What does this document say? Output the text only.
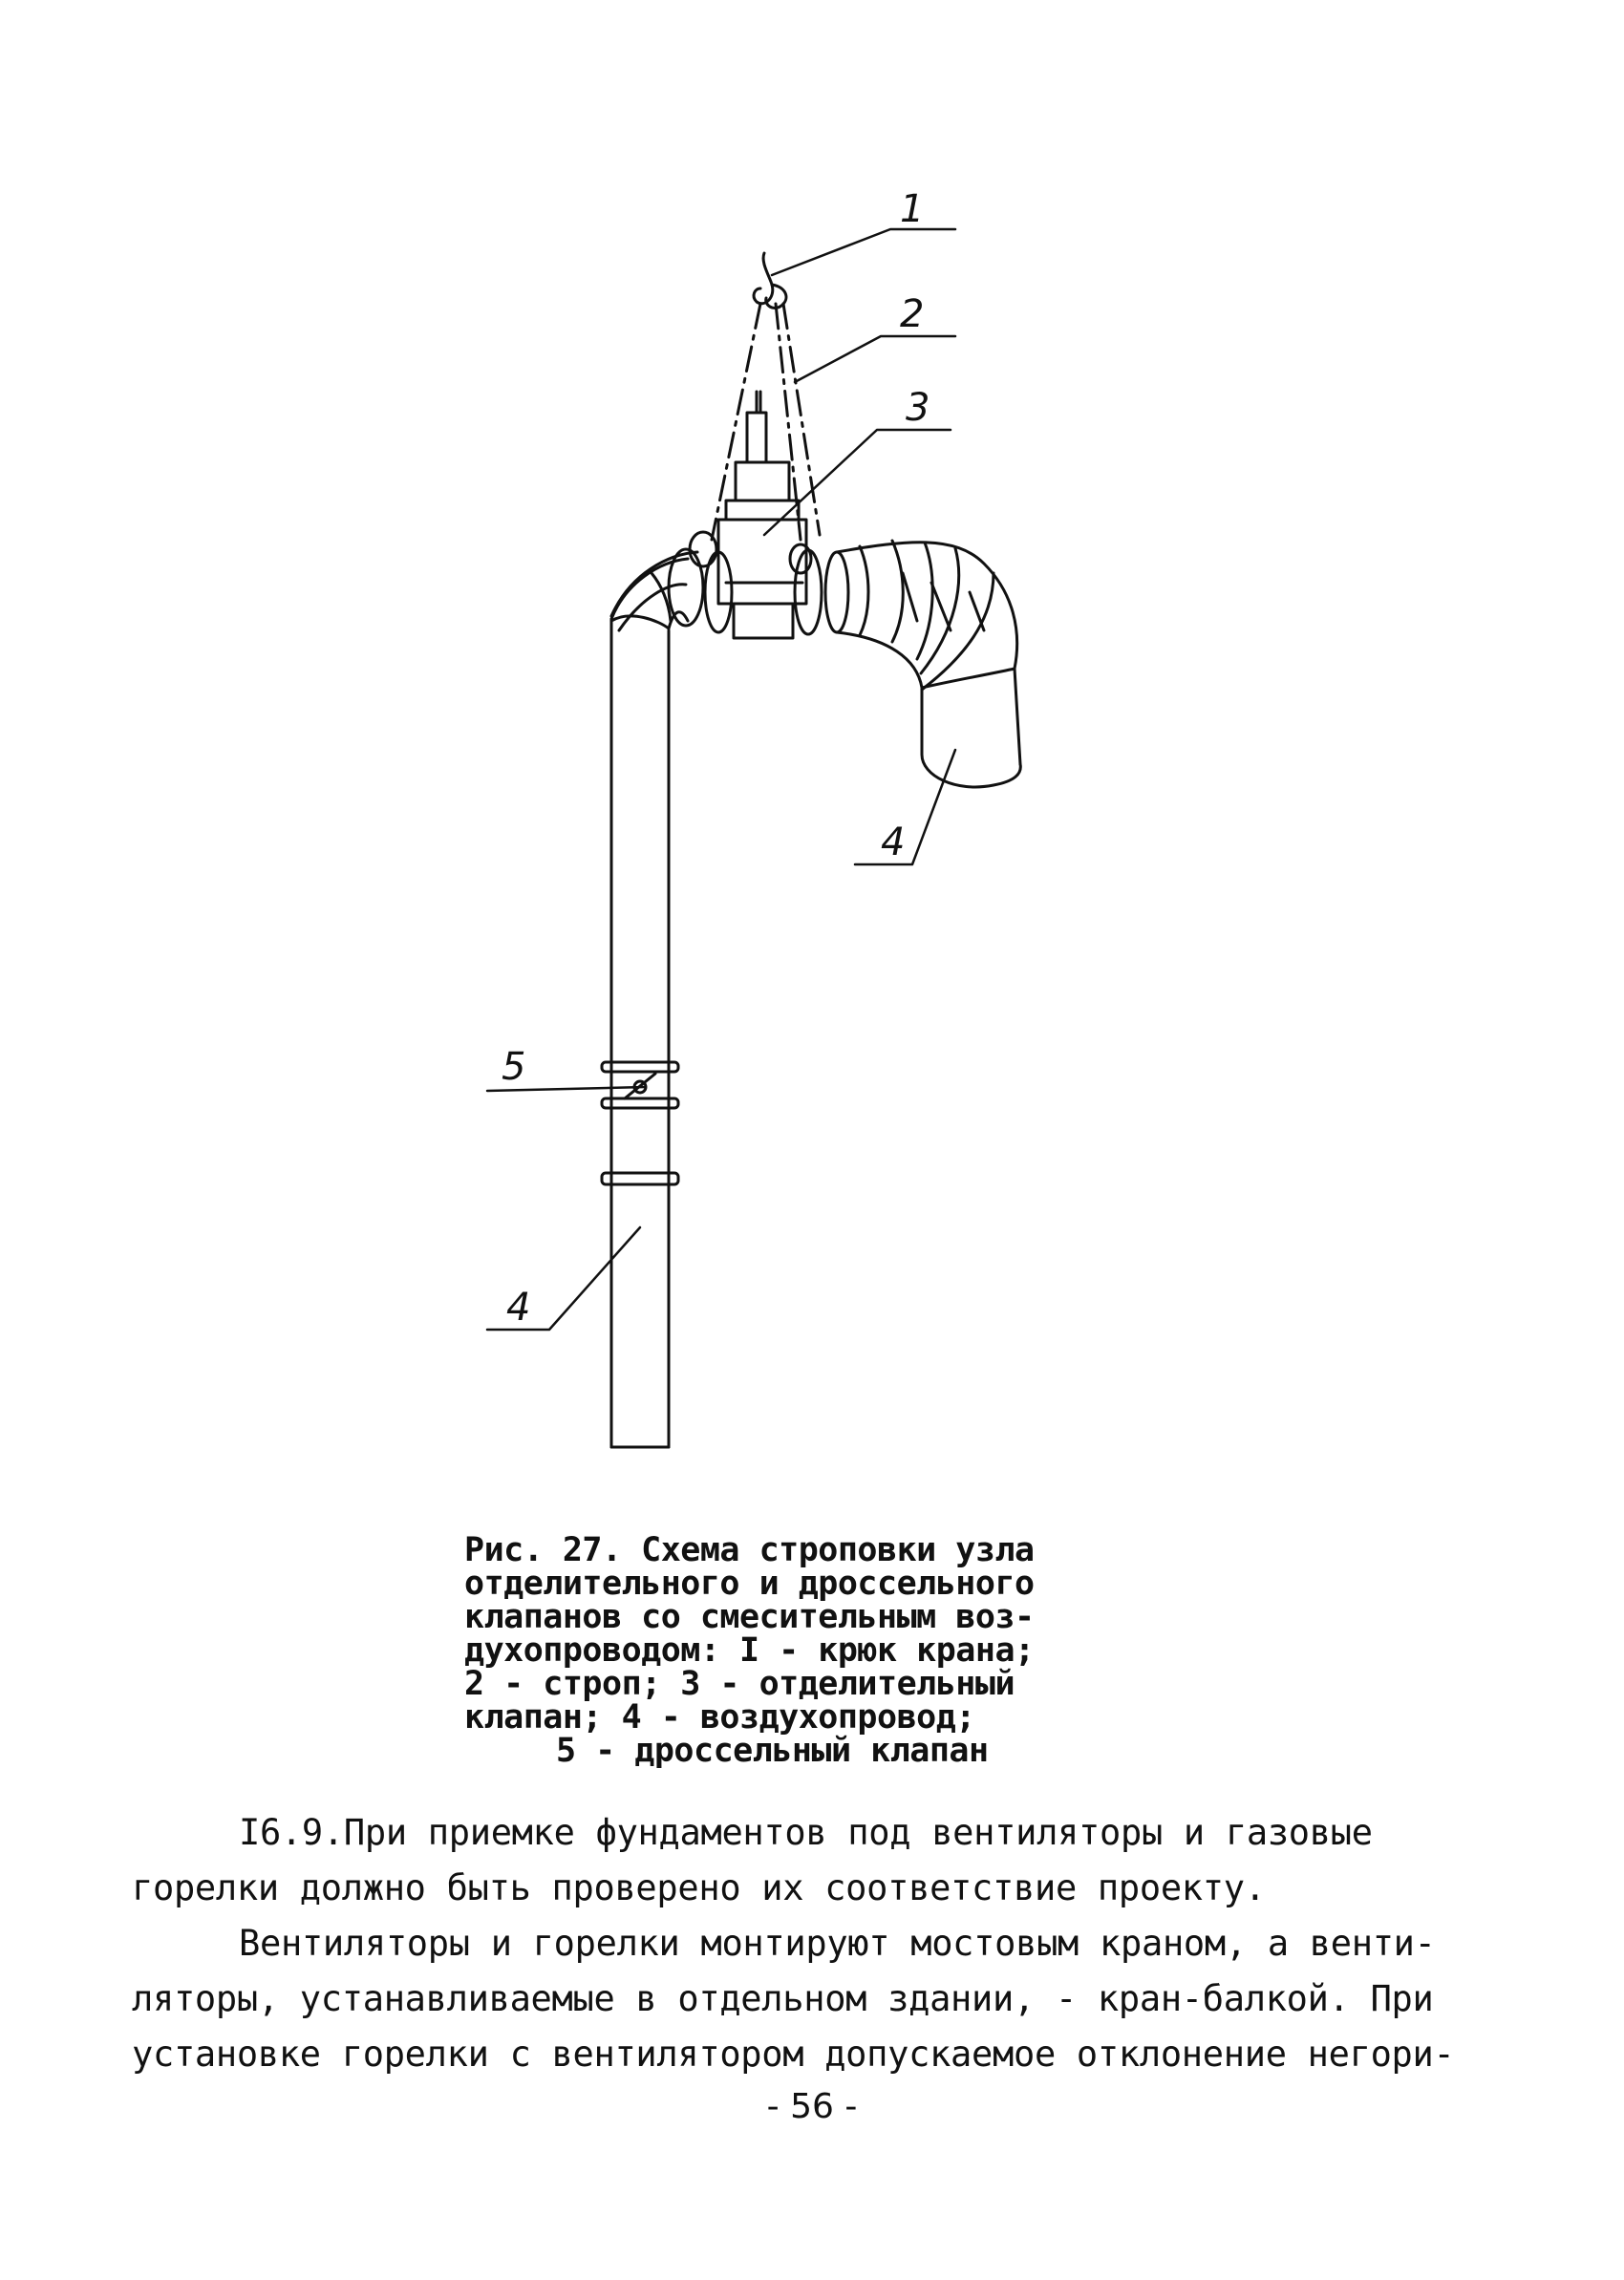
1
2
3
4
4
5
Рис. 27. Схема строповки узла
отделительного и дроссельного
клапанов со смесительным воз-
духопроводом: I - крюк крана;
2 - строп; 3 - отделительный
клапан; 4 - воздухопровод;
5 - дроссельный клапан

I6.9.При приемке фундаментов под вентиляторы и газовые

горелки должно быть проверено их соответствие проекту.

Вентиляторы и горелки монтируют мостовым краном, а венти-

ляторы, устанавливаемые в отдельном здании, - кран-балкой. При

установке горелки с вентилятором допускаемое отклонение негори-

- 56 -
